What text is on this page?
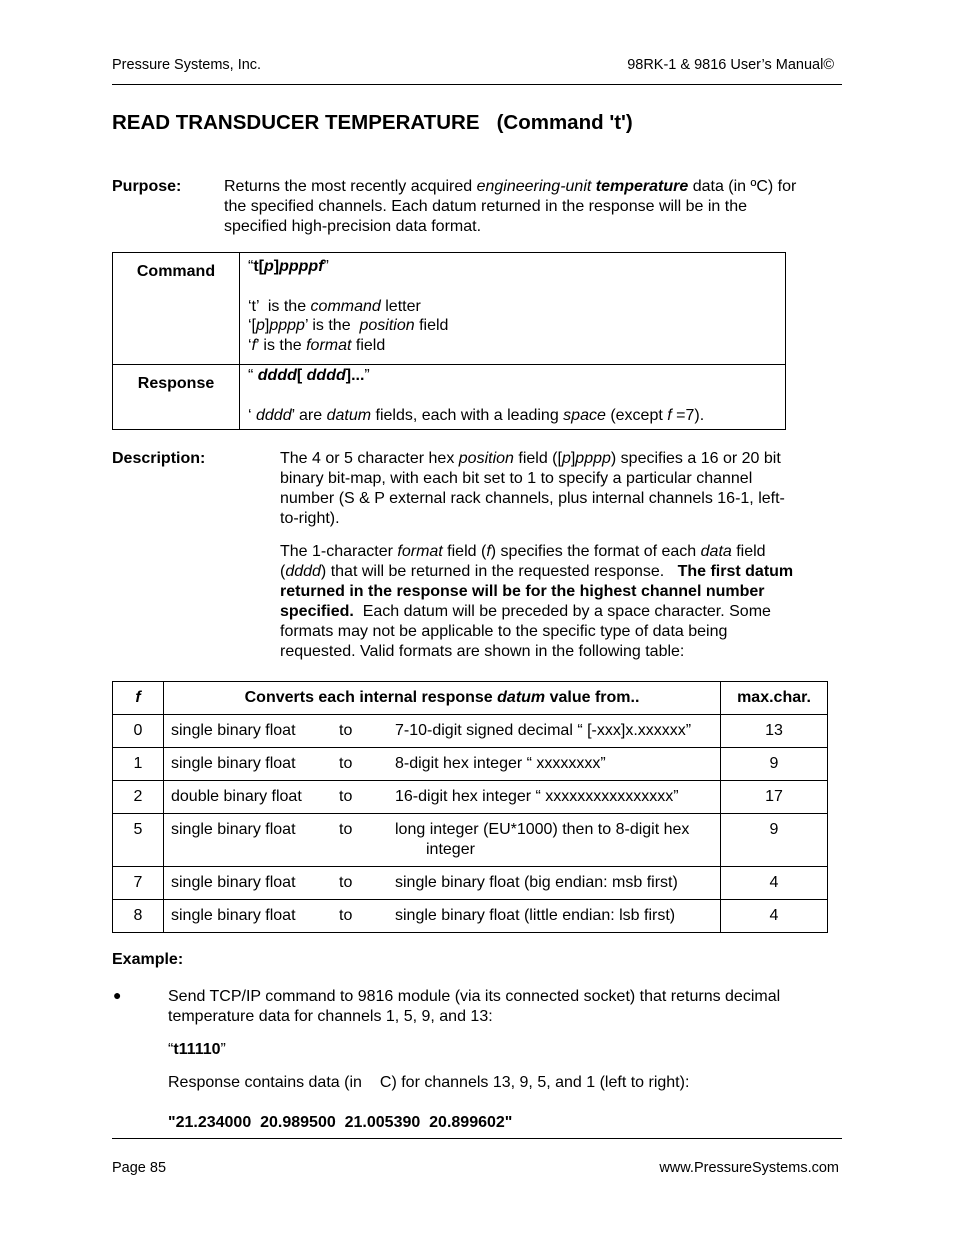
Pressure Systems, Inc.	98RK-1 & 9816 User’s Manual©
READ TRANSDUCER TEMPERATURE   (Command 't')
Purpose:	Returns the most recently acquired engineering-unit temperature data (in ºC) for
the specified channels. Each datum returned in the response will be in the
specified high-precision data format.
Command	“t[p]ppppf”
‘t’  is the command letter
‘[p]pppp’ is the  position field
‘f’ is the format field

Response	“ dddd[ dddd]...”
‘ dddd’ are datum fields, each with a leading space (except f =7).
Description:	The 4 or 5 character hex position field ([p]pppp) specifies a 16 or 20 bit
binary bit-map, with each bit set to 1 to specify a particular channel
number (S & P external rack channels, plus internal channels 16-1, left-
to-right).
The 1-character format field (f) specifies the format of each data field
(dddd) that will be returned in the requested response.   The first datum
returned in the response will be for the highest channel number
specified.  Each datum will be preceded by a space character. Some
formats may not be applicable to the specific type of data being
requested. Valid formats are shown in the following table:
f	Converts each internal response datum value from..	max.char.
0	single binary float to 7-10-digit signed decimal “ [-xxx]x.xxxxxx”	13
1	single binary float to 8-digit hex integer “ xxxxxxxx”	9
2	double binary float to 16-digit hex integer “ xxxxxxxxxxxxxxxx”	17
5	single binary float to long integer (EU*1000) then to 8-digit hex
integer	9
7	single binary float to single binary float (big endian: msb first)	4
8	single binary float to single binary float (little endian: lsb first)	4
Example:
●	Send TCP/IP command to 9816 module (via its connected socket) that returns decimal
temperature data for channels 1, 5, 9, and 13:
“t11110”
Response contains data (in C) for channels 13, 9, 5, and 1 (left to right):
"21.234000  20.989500  21.005390  20.899602"
Page 85	www.PressureSystems.com
